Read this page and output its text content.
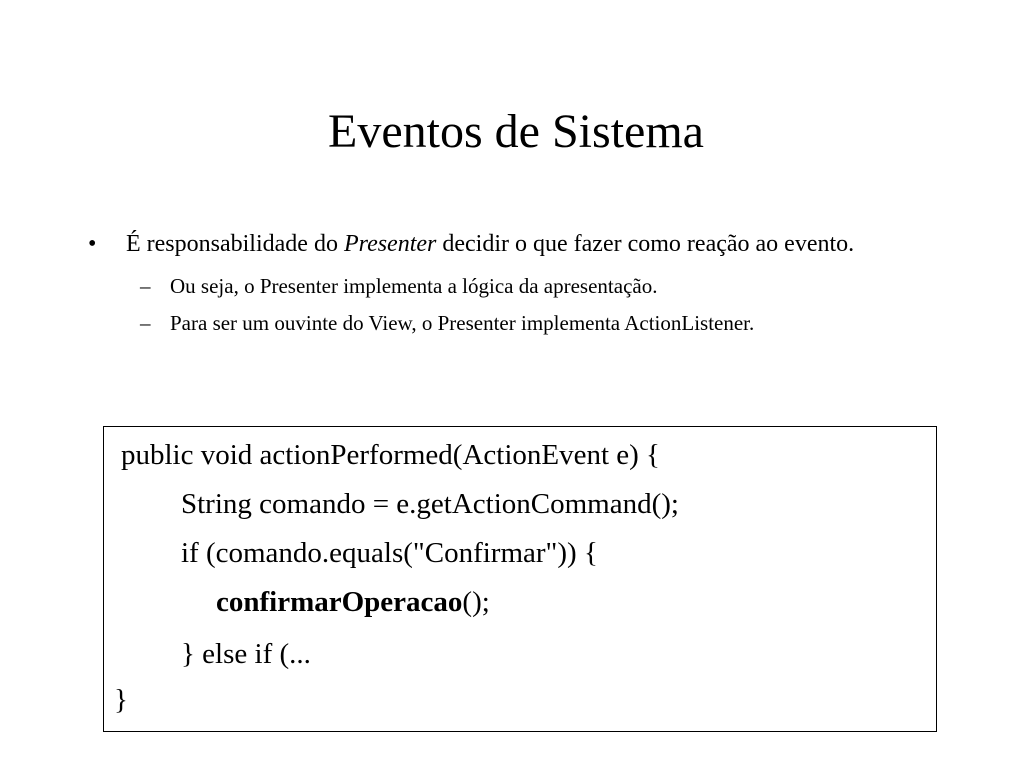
Eventos de Sistema
• É responsabilidade do Presenter decidir o que fazer como reação ao evento.
– Ou seja, o Presenter implementa a lógica da apresentação.
– Para ser um ouvinte do View, o Presenter implementa ActionListener.
public void actionPerformed(ActionEvent e) {
String comando = e.getActionCommand();
if (comando.equals("Confirmar")) {
confirmarOperacao();
} else if (...
}
